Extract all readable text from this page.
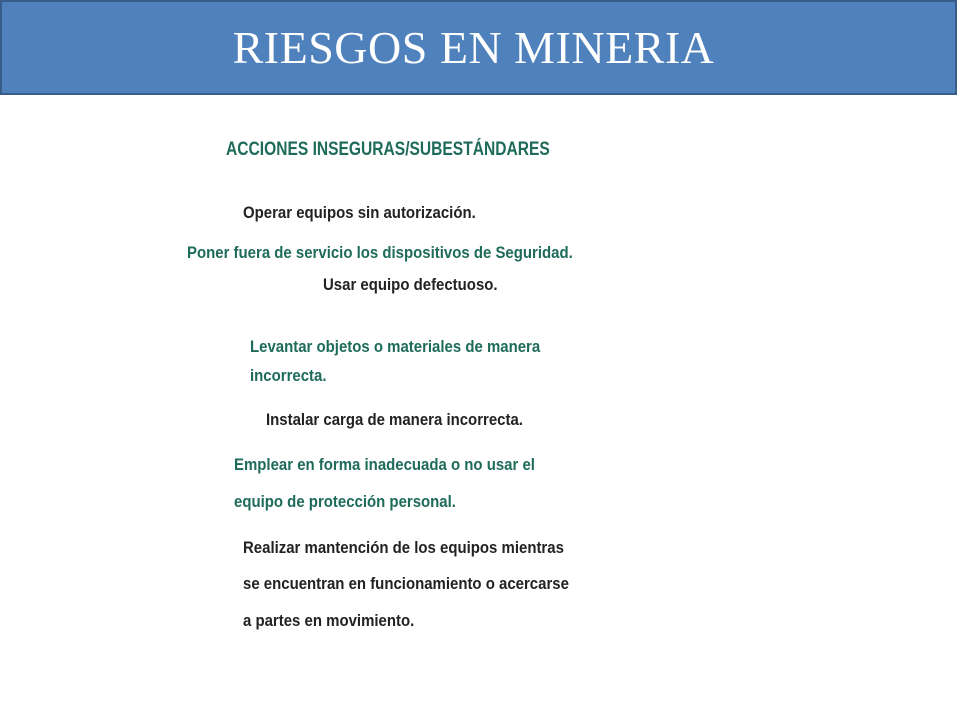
RIESGOS EN MINERIA
ACCIONES INSEGURAS/SUBESTÁNDARES
Operar equipos sin autorización.
Poner fuera de servicio los dispositivos de Seguridad.
Usar equipo defectuoso.
Levantar objetos o materiales de manera
incorrecta.
Instalar carga de manera incorrecta.
Emplear en forma inadecuada o no usar el
equipo de protección personal.
Realizar mantención de los equipos mientras
se encuentran en funcionamiento o acercarse
a partes en movimiento.
